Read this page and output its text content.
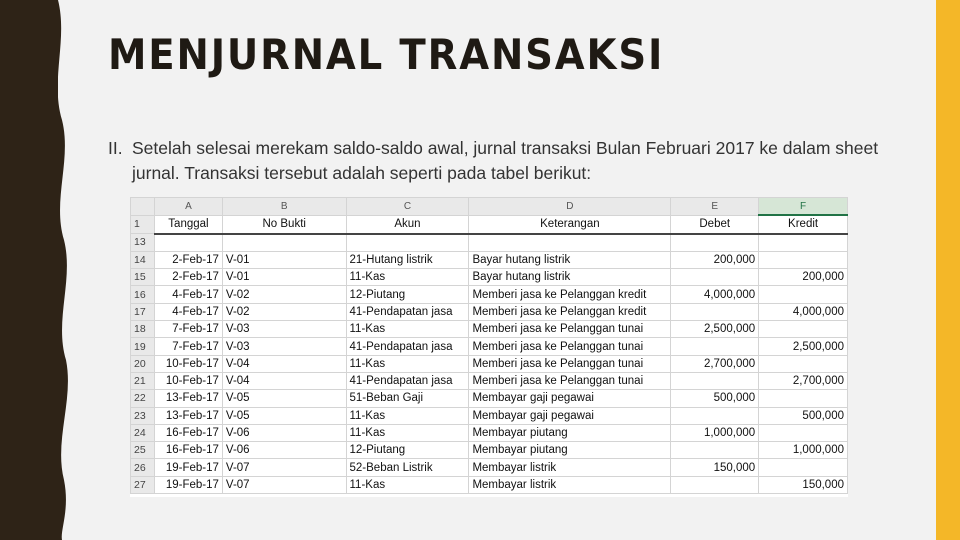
MENJURNAL TRANSAKSI
II. Setelah selesai merekam saldo-saldo awal, jurnal transaksi Bulan Februari 2017 ke dalam sheet jurnal. Transaksi tersebut adalah seperti pada tabel berikut:
	A	B	C	D	E	F
1	Tanggal	No Bukti	Akun	Keterangan	Debet	Kredit
13						
14	2-Feb-17	V-01	21-Hutang listrik	Bayar hutang listrik	200,000	
15	2-Feb-17	V-01	11-Kas	Bayar hutang listrik		200,000
16	4-Feb-17	V-02	12-Piutang	Memberi jasa ke Pelanggan kredit	4,000,000	
17	4-Feb-17	V-02	41-Pendapatan jasa	Memberi jasa ke Pelanggan kredit		4,000,000
18	7-Feb-17	V-03	11-Kas	Memberi jasa ke Pelanggan tunai	2,500,000	
19	7-Feb-17	V-03	41-Pendapatan jasa	Memberi jasa ke Pelanggan tunai		2,500,000
20	10-Feb-17	V-04	11-Kas	Memberi jasa ke Pelanggan tunai	2,700,000	
21	10-Feb-17	V-04	41-Pendapatan jasa	Memberi jasa ke Pelanggan tunai		2,700,000
22	13-Feb-17	V-05	51-Beban Gaji	Membayar gaji pegawai	500,000	
23	13-Feb-17	V-05	11-Kas	Membayar gaji pegawai		500,000
24	16-Feb-17	V-06	11-Kas	Membayar piutang	1,000,000	
25	16-Feb-17	V-06	12-Piutang	Membayar piutang		1,000,000
26	19-Feb-17	V-07	52-Beban Listrik	Membayar listrik	150,000	
27	19-Feb-17	V-07	11-Kas	Membayar listrik		150,000
